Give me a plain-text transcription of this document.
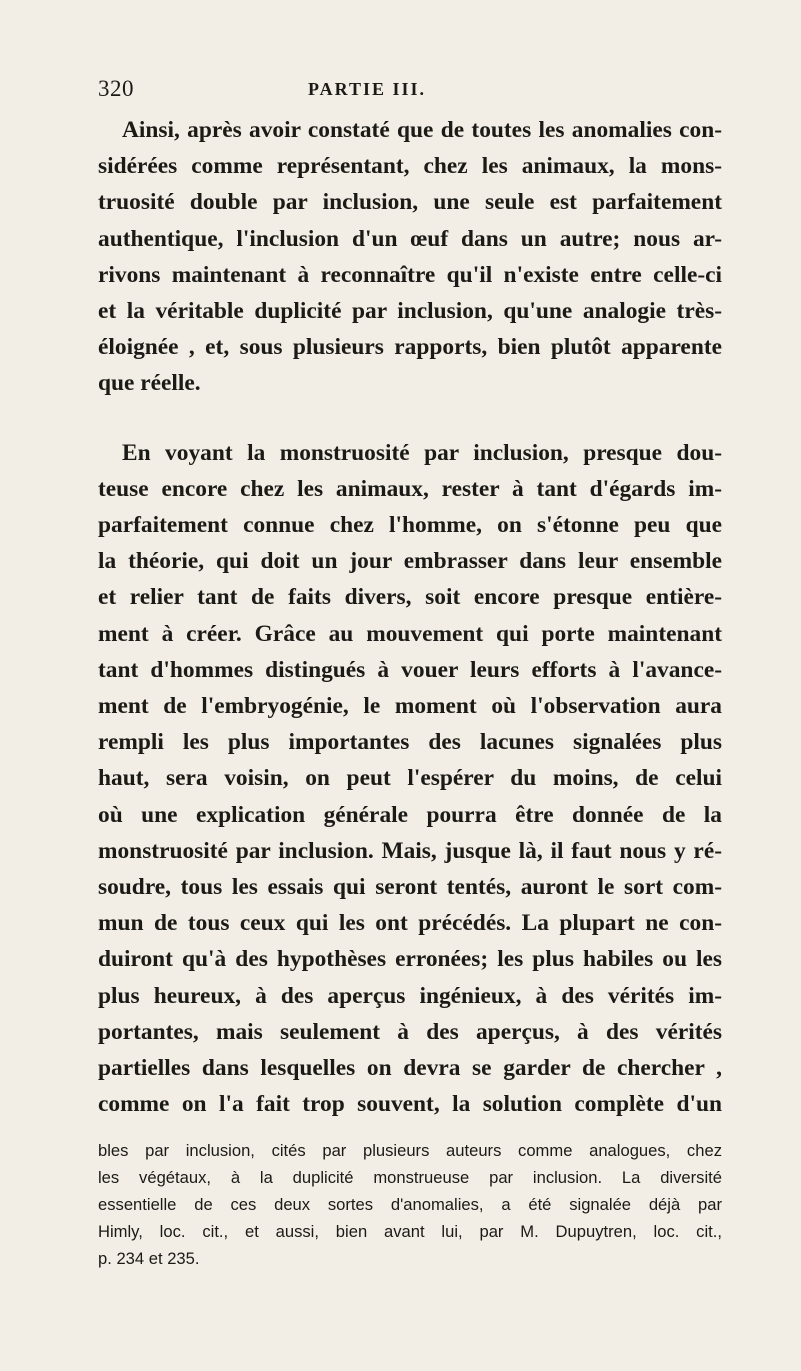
320	PARTIE III.
Ainsi, après avoir constaté que de toutes les anomalies con-
sidérées comme représentant, chez les animaux, la mons-
truosité double par inclusion, une seule est parfaitement
authentique, l'inclusion d'un œuf dans un autre; nous ar-
rivons maintenant à reconnaître qu'il n'existe entre celle-ci
et la véritable duplicité par inclusion, qu'une analogie très-
éloignée , et, sous plusieurs rapports, bien plutôt apparente
que réelle.
En voyant la monstruosité par inclusion, presque dou-
teuse encore chez les animaux, rester à tant d'égards im-
parfaitement connue chez l'homme, on s'étonne peu que
la théorie, qui doit un jour embrasser dans leur ensemble
et relier tant de faits divers, soit encore presque entière-
ment à créer. Grâce au mouvement qui porte maintenant
tant d'hommes distingués à vouer leurs efforts à l'avance-
ment de l'embryogénie, le moment où l'observation aura
rempli les plus importantes des lacunes signalées plus
haut, sera voisin, on peut l'espérer du moins, de celui
où une explication générale pourra être donnée de la
monstruosité par inclusion. Mais, jusque là, il faut nous y ré-
soudre, tous les essais qui seront tentés, auront le sort com-
mun de tous ceux qui les ont précédés. La plupart ne con-
duiront qu'à des hypothèses erronées; les plus habiles ou les
plus heureux, à des aperçus ingénieux, à des vérités im-
portantes, mais seulement à des aperçus, à des vérités
partielles dans lesquelles on devra se garder de chercher ,
comme on l'a fait trop souvent, la solution complète d'un
bles par inclusion, cités par plusieurs auteurs comme analogues, chez
les végétaux, à la duplicité monstrueuse par inclusion. La diversité
essentielle de ces deux sortes d'anomalies, a été signalée déjà par
Himly, loc. cit., et aussi, bien avant lui, par M. Dupuytren, loc. cit.,
p. 234 et 235.
